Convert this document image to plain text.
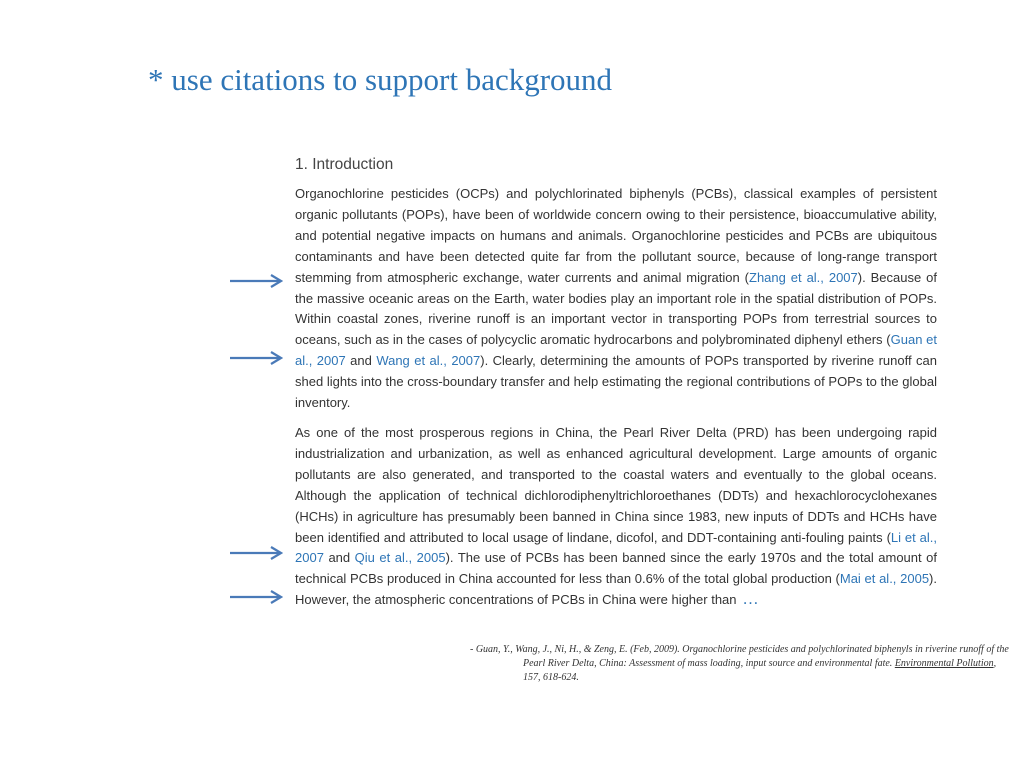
* use citations to support background
1. Introduction

Organochlorine pesticides (OCPs) and polychlorinated biphenyls (PCBs), classical examples of persistent organic pollutants (POPs), have been of worldwide concern owing to their persistence, bioaccumulative ability, and potential negative impacts on humans and animals. Organochlorine pesticides and PCBs are ubiquitous contaminants and have been detected quite far from the pollutant source, because of long-range transport stemming from atmospheric exchange, water currents and animal migration (Zhang et al., 2007). Because of the massive oceanic areas on the Earth, water bodies play an important role in the spatial distribution of POPs. Within coastal zones, riverine runoff is an important vector in transporting POPs from terrestrial sources to oceans, such as in the cases of polycyclic aromatic hydrocarbons and polybrominated diphenyl ethers (Guan et al., 2007 and Wang et al., 2007). Clearly, determining the amounts of POPs transported by riverine runoff can shed lights into the cross-boundary transfer and help estimating the regional contributions of POPs to the global inventory.

As one of the most prosperous regions in China, the Pearl River Delta (PRD) has been undergoing rapid industrialization and urbanization, as well as enhanced agricultural development. Large amounts of organic pollutants are also generated, and transported to the coastal waters and eventually to the global oceans. Although the application of technical dichlorodiphenyltrichloroethanes (DDTs) and hexachlorocyclohexanes (HCHs) in agriculture has presumably been banned in China since 1983, new inputs of DDTs and HCHs have been identified and attributed to local usage of lindane, dicofol, and DDT-containing anti-fouling paints (Li et al., 2007 and Qiu et al., 2005). The use of PCBs has been banned since the early 1970s and the total amount of technical PCBs produced in China accounted for less than 0.6% of the total global production (Mai et al., 2005). However, the atmospheric concentrations of PCBs in China were higher than …

- Guan, Y., Wang, J., Ni, H., & Zeng, E. (Feb, 2009). Organochlorine pesticides and polychlorinated biphenyls in riverine runoff of the Pearl River Delta, China: Assessment of mass loading, input source and environmental fate. Environmental Pollution, 157, 618-624.
